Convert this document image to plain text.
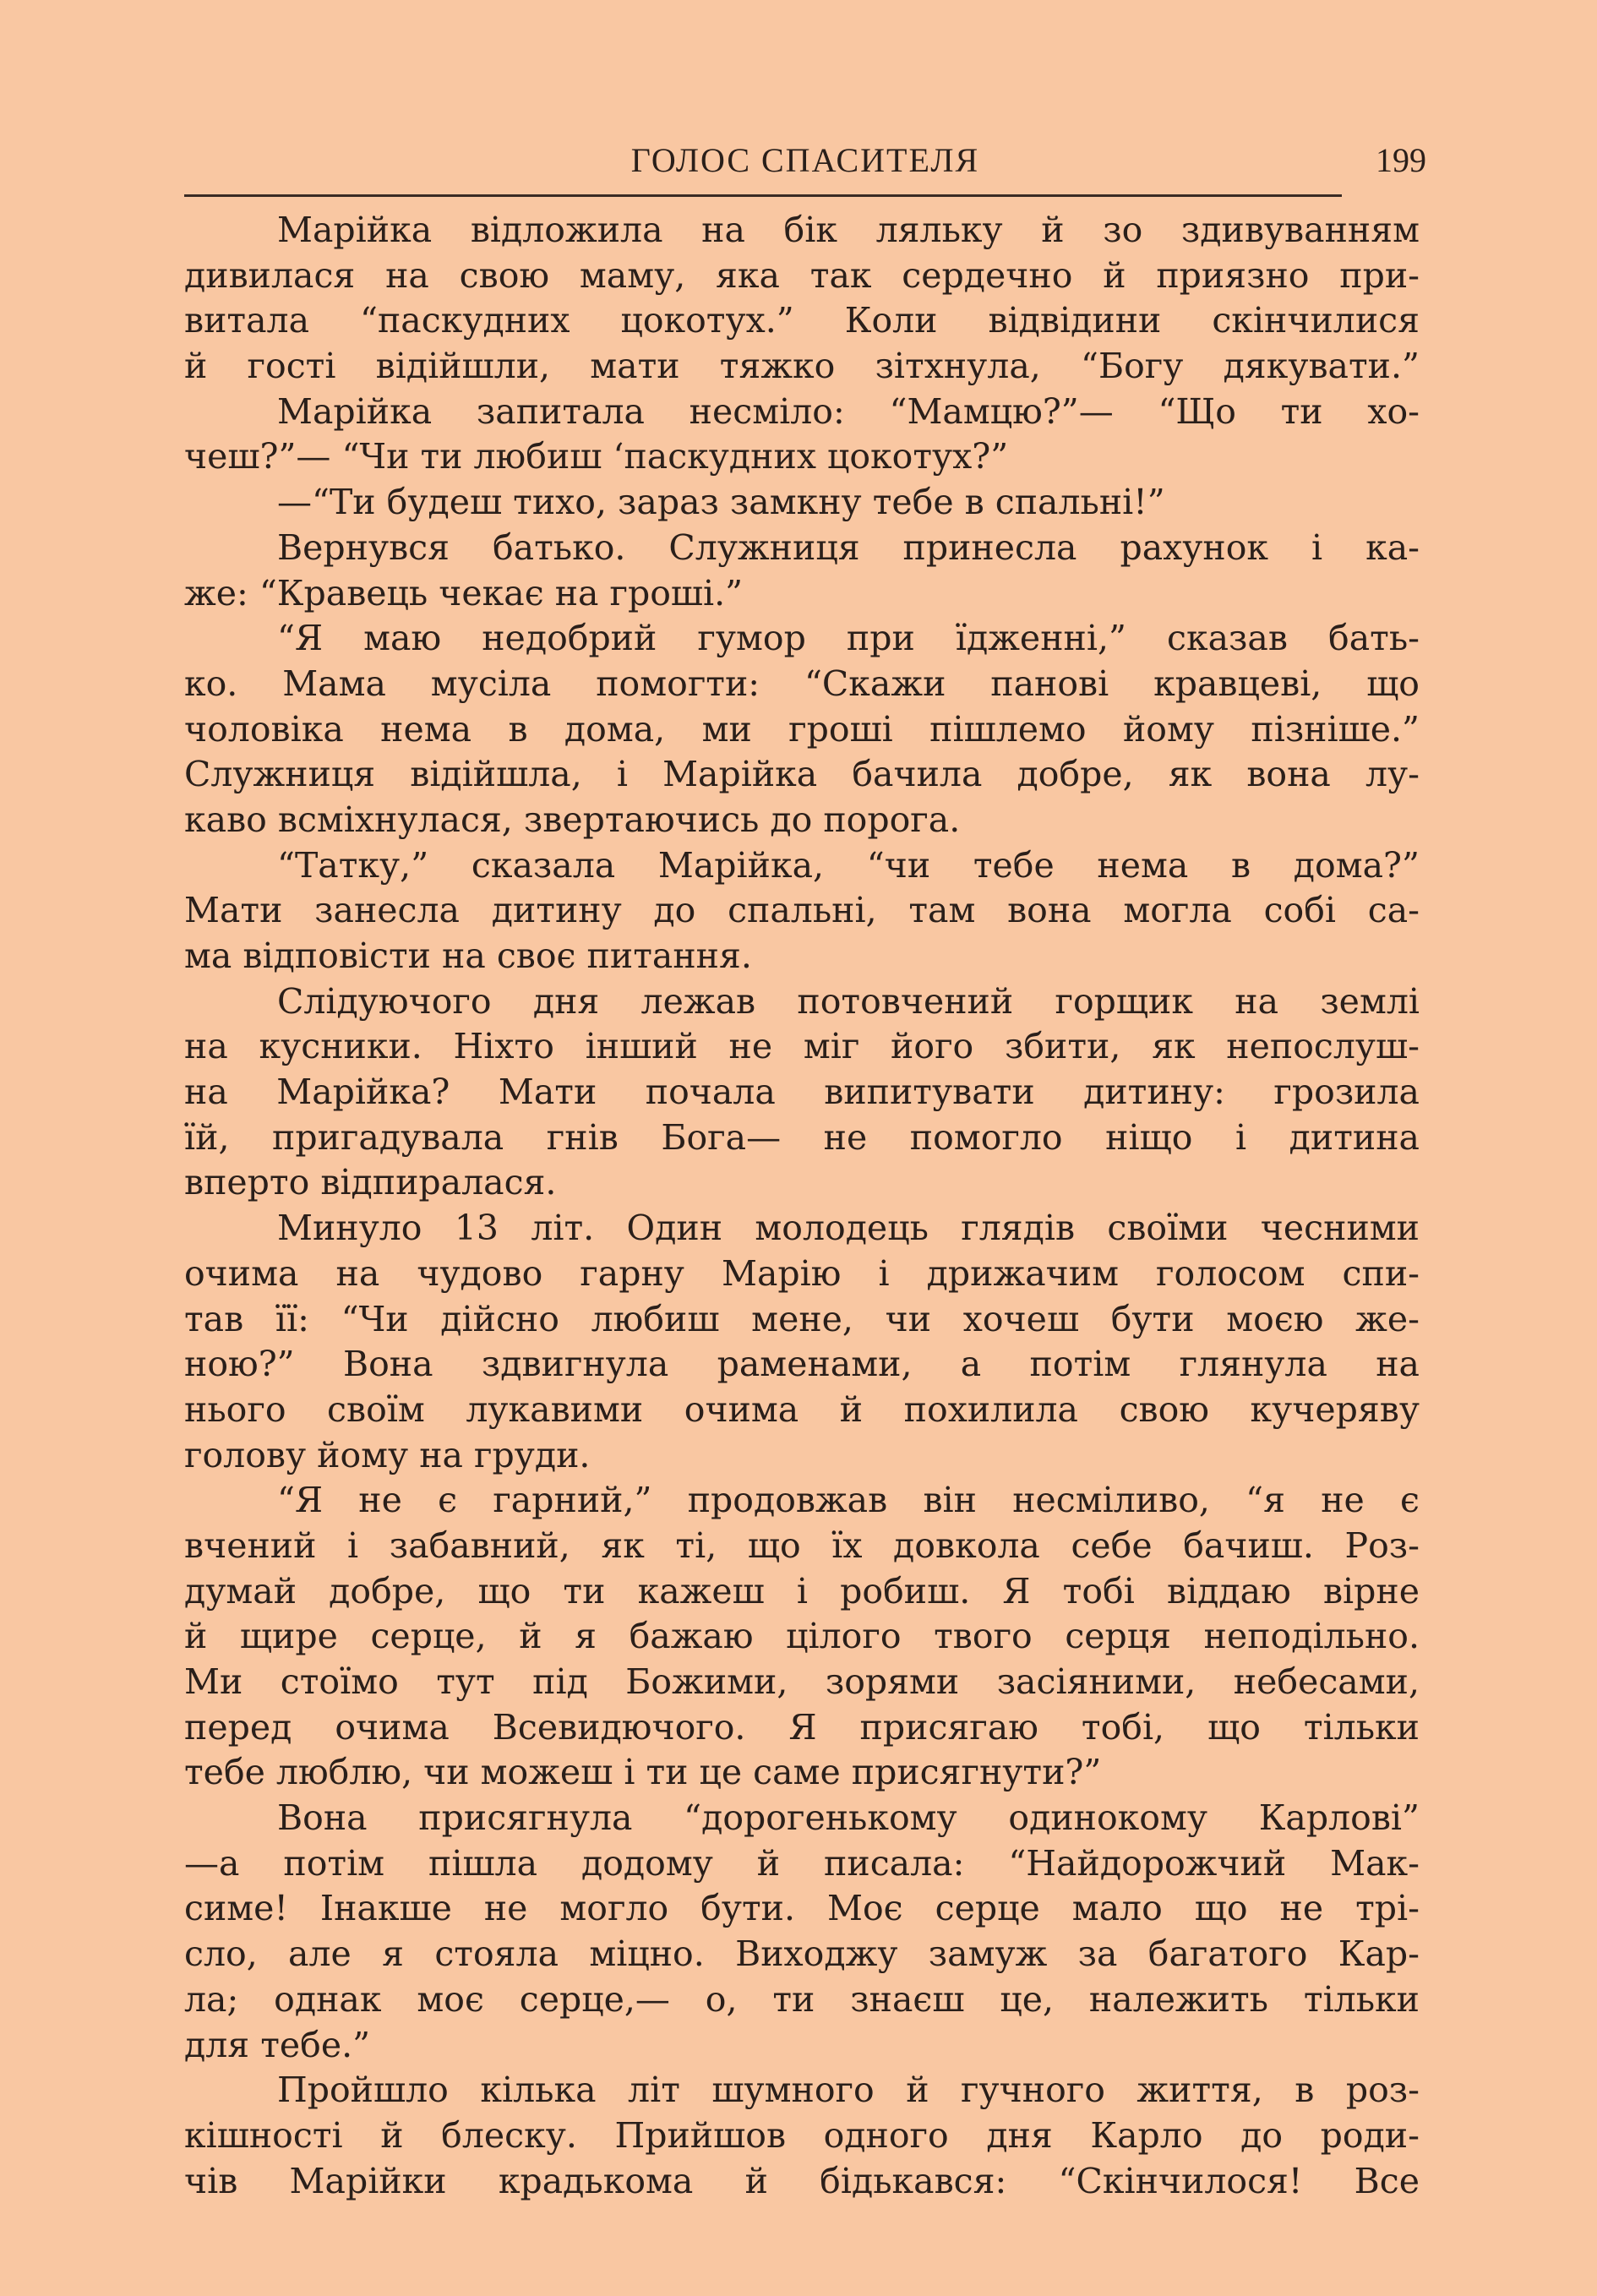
ГОЛОС СПАСИТЕЛЯ	199
Марійка відложила на бік ляльку й зо здивуванням
дивилася на свою маму, яка так сердечно й приязно при-
витала “паскудних цокотух.” Коли відвідини скінчилися
й гості відійшли, мати тяжко зітхнула, “Богу дякувати.”
Марійка запитала несміло: “Мамцю?”— “Що ти хо-
чеш?”— “Чи ти любиш ‘паскудних цокотух?”
—“Ти будеш тихо, зараз замкну тебе в спальні!”
Вернувся батько. Служниця принесла рахунок і ка-
же: “Кравець чекає на гроші.”
“Я маю недобрий гумор при їдженні,” сказав бать-
ко. Мама мусіла помогти: “Скажи панові кравцеві, що
чоловіка нема в дома, ми гроші пішлемо йому пізніше.”
Служниця відійшла, і Марійка бачила добре, як вона лу-
каво всміхнулася, звертаючись до порога.
“Татку,” сказала Марійка, “чи тебе нема в дома?”
Мати занесла дитину до спальні, там вона могла собі са-
ма відповісти на своє питання.
Слідуючого дня лежав потовчений горщик на землі
на кусники. Ніхто інший не міг його збити, як непослуш-
на Марійка? Мати почала випитувати дитину: грозила
їй, пригадувала гнів Бога— не помогло ніщо і дитина
вперто відпиралася.
Минуло 13 літ. Один молодець глядів своїми чесними
очима на чудово гарну Марію і дрижачим голосом спи-
тав її: “Чи дійсно любиш мене, чи хочеш бути моєю же-
ною?” Вона здвигнула раменами, а потім глянула на
нього своїм лукавими очима й похилила свою кучеряву
голову йому на груди.
“Я не є гарний,” продовжав він несміливо, “я не є
вчений і забавний, як ті, що їх довкола себе бачиш. Роз-
думай добре, що ти кажеш і робиш. Я тобі віддаю вірне
й щире серце, й я бажаю цілого твого серця неподільно.
Ми стоїмо тут під Божими, зорями засіяними, небесами,
перед очима Всевидючого. Я присягаю тобі, що тільки
тебе люблю, чи можеш і ти це саме присягнути?”
Вона присягнула “дорогенькому одинокому Карлові”
—а потім пішла додому й писала: “Найдорожчий Мак-
симе! Інакше не могло бути. Моє серце мало що не трі-
сло, але я стояла міцно. Виходжу замуж за багатого Кар-
ла; однак моє серце,— о, ти знаєш це, належить тільки
для тебе.”
Пройшло кілька літ шумного й гучного життя, в роз-
кішності й блеску. Прийшов одного дня Карло до роди-
чів Марійки крадькома й бідькався: “Скінчилося! Все
